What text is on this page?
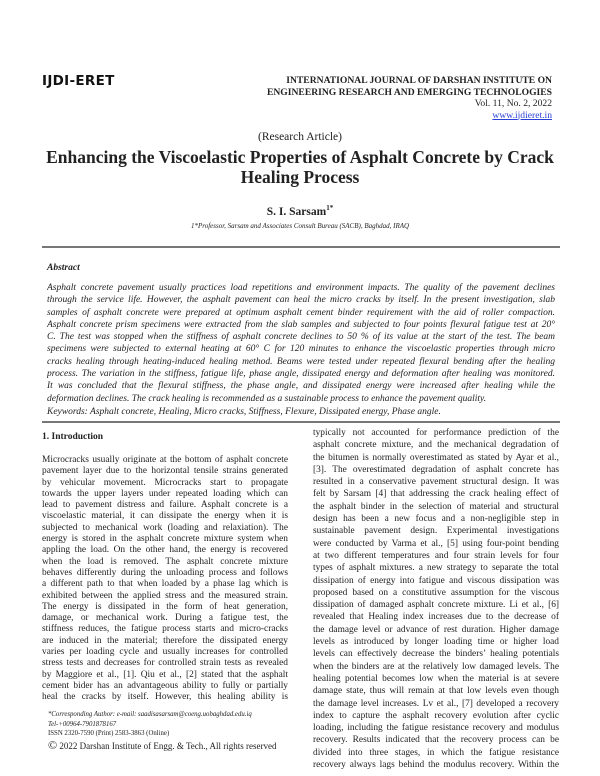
IJDI-ERET	INTERNATIONAL JOURNAL OF DARSHAN INSTITUTE ON
ENGINEERING RESEARCH AND EMERGING TECHNOLOGIES
Vol. 11, No. 2, 2022
www.ijdieret.in
(Research Article)
Enhancing the Viscoelastic Properties of Asphalt Concrete by Crack Healing Process
S. I. Sarsam$^{1*}$
1*Professor, Sarsam and Associates Consult Bureau (SACB), Baghdad, IRAQ
Abstract
Asphalt concrete pavement usually practices load repetitions and environment impacts. The quality of the pavement declines
through the service life. However, the asphalt pavement can heal the micro cracks by itself. In the present investigation, slab
samples of asphalt concrete were prepared at optimum asphalt cement binder requirement with the aid of roller compaction.
Asphalt concrete prism specimens were extracted from the slab samples and subjected to four points flexural fatigue test at 20°
C. The test was stopped when the stiffness of asphalt concrete declines to 50 % of its value at the start of the test. The beam
specimens were subjected to external heating at 60° C for 120 minutes to enhance the viscoelastic properties through micro
cracks healing through heating-induced healing method. Beams were tested under repeated flexural bending after the healing
process. The variation in the stiffness, fatigue life, phase angle, dissipated energy and deformation after healing was monitored.
It was concluded that the flexural stiffness, the phase angle, and dissipated energy were increased after healing while the
deformation declines. The crack healing is recommended as a sustainable process to enhance the pavement quality.
Keywords: Asphalt concrete, Healing, Micro cracks, Stiffness, Flexure, Dissipated energy, Phase angle.
1. Introduction
Microcracks usually originate at the bottom of asphalt concrete
pavement layer due to the horizontal tensile strains generated
by vehicular movement. Microcracks start to propagate
towards the upper layers under repeated loading which can
lead to pavement distress and failure. Asphalt concrete is a
viscoelastic material, it can dissipate the energy when it is
subjected to mechanical work (loading and relaxiation). The
energy is stored in the asphalt concrete mixture system when
appling the load. On the other hand, the energy is recovered
when the load is removed. The asphalt concrete mixture
behaves differently during the unloading process and follows
a different path to that when loaded by a phase lag which is
exhibited between the applied stress and the measured strain.
The energy is dissipated in the form of heat generation,
damage, or mechanical work. During a fatigue test, the
stiffness reduces, the fatigue process starts and micro-cracks
are induced in the material; therefore the dissipated energy
varies per loading cycle and usually increases for controlled
stress tests and decreases for controlled strain tests as revealed
by Maggiore et al., [1]. Qiu et al., [2] stated that the asphalt
cement bider has an advantageous ability to fully or partially
heal the cracks by itself. However, this healing ability is
typically not accounted for performance prediction of the
asphalt concrete mixture, and the mechanical degradation of
the bitumen is normally overestimated as stated by Ayar et al.,
[3]. The overestimated degradation of asphalt concrete has
resulted in a conservative pavement structural design. It was
felt by Sarsam [4] that addressing the crack healing effect of
the asphalt binder in the selection of material and structural
design has been a new focus and a non-negligible step in
sustainable pavement design. Experimental investigations
were conducted by Varma et al., [5] using four-point bending
at two different temperatures and four strain levels for four
types of asphalt mixtures. a new strategy to separate the total
dissipation of energy into fatigue and viscous dissipation was
proposed based on a constitutive assumption for the viscous
dissipation of damaged asphalt concrete mixture. Li et al., [6]
revealed that Healing index increases due to the decrease of
the damage level or advance of rest duration. Higher damage
levels as introduced by longer loading time or higher load
levels can effectively decrease the binders’ healing potentials
when the binders are at the relatively low damaged levels. The
healing potential becomes low when the material is at severe
damage state, thus will remain at that low levels even though
the damage level increases. Lv et al., [7] developed a recovery
index to capture the asphalt recovery evolution after cyclic
loading, including the fatigue resistance recovery and modulus
recovery. Results indicated that the recovery process can be
divided into three stages, in which the fatigue resistance
recovery always lags behind the modulus recovery. Within the
*Corresponding Author: e-mail: saadisasarsam@coeng.uobaghdad.edu.iq
Tel-+00964-7901878167
ISSN 2320-7590 (Print) 2583-3863 (Online)
© 2022 Darshan Institute of Engg. & Tech., All rights reserved
